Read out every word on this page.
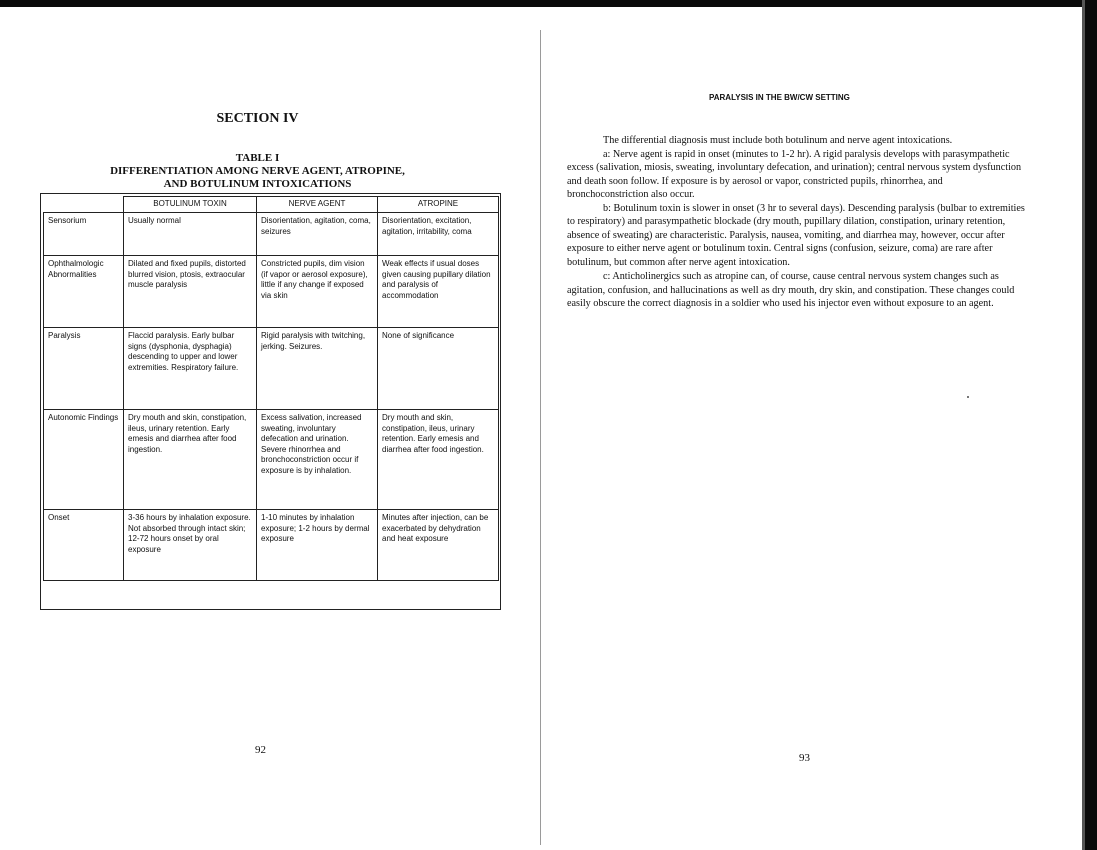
SECTION IV
TABLE I
DIFFERENTIATION AMONG NERVE AGENT, ATROPINE,
AND BOTULINUM INTOXICATIONS
	BOTULINUM TOXIN	NERVE AGENT	ATROPINE
Sensorium	Usually normal	Disorientation, agitation, coma, seizures	Disorientation, excitation, agitation, irritability, coma
Ophthalmologic Abnormalities	Dilated and fixed pupils, distorted blurred vision, ptosis, extraocular muscle paralysis	Constricted pupils, dim vision (if vapor or aerosol exposure), little if any change if exposed via skin	Weak effects if usual doses given causing pupillary dilation and paralysis of accommodation
Paralysis	Flaccid paralysis. Early bulbar signs (dysphonia, dysphagia) descending to upper and lower extremities. Respiratory failure.	Rigid paralysis with twitching, jerking. Seizures.	None of significance
Autonomic Findings	Dry mouth and skin, constipation, ileus, urinary retention. Early emesis and diarrhea after food ingestion.	Excess salivation, increased sweating, involuntary defecation and urination. Severe rhinorrhea and bronchoconstriction occur if exposure is by inhalation.	Dry mouth and skin, constipation, ileus, urinary retention. Early emesis and diarrhea after food ingestion.
Onset	3-36 hours by inhalation exposure. Not absorbed through intact skin; 12-72 hours onset by oral exposure	1-10 minutes by inhalation exposure; 1-2 hours by dermal exposure	Minutes after injection, can be exacerbated by dehydration and heat exposure
92
PARALYSIS IN THE BW/CW SETTING

The differential diagnosis must include both botulinum and nerve agent intoxications.

a: Nerve agent is rapid in onset (minutes to 1-2 hr). A rigid paralysis develops with parasympathetic excess (salivation, miosis, sweating, involuntary defecation, and urination); central nervous system dysfunction and death soon follow. If exposure is by aerosol or vapor, constricted pupils, rhinorrhea, and bronchoconstriction also occur.

b: Botulinum toxin is slower in onset (3 hr to several days). Descending paralysis (bulbar to extremities to respiratory) and parasympathetic blockade (dry mouth, pupillary dilation, constipation, urinary retention, absence of sweating) are characteristic. Paralysis, nausea, vomiting, and diarrhea may, however, occur after exposure to either nerve agent or botulinum toxin. Central signs (confusion, seizure, coma) are rare after botulinum, but common after nerve agent intoxication.

c: Anticholinergics such as atropine can, of course, cause central nervous system changes such as agitation, confusion, and hallucinations as well as dry mouth, dry skin, and constipation. These changes could easily obscure the correct diagnosis in a soldier who used his injector even without exposure to an agent.

93
